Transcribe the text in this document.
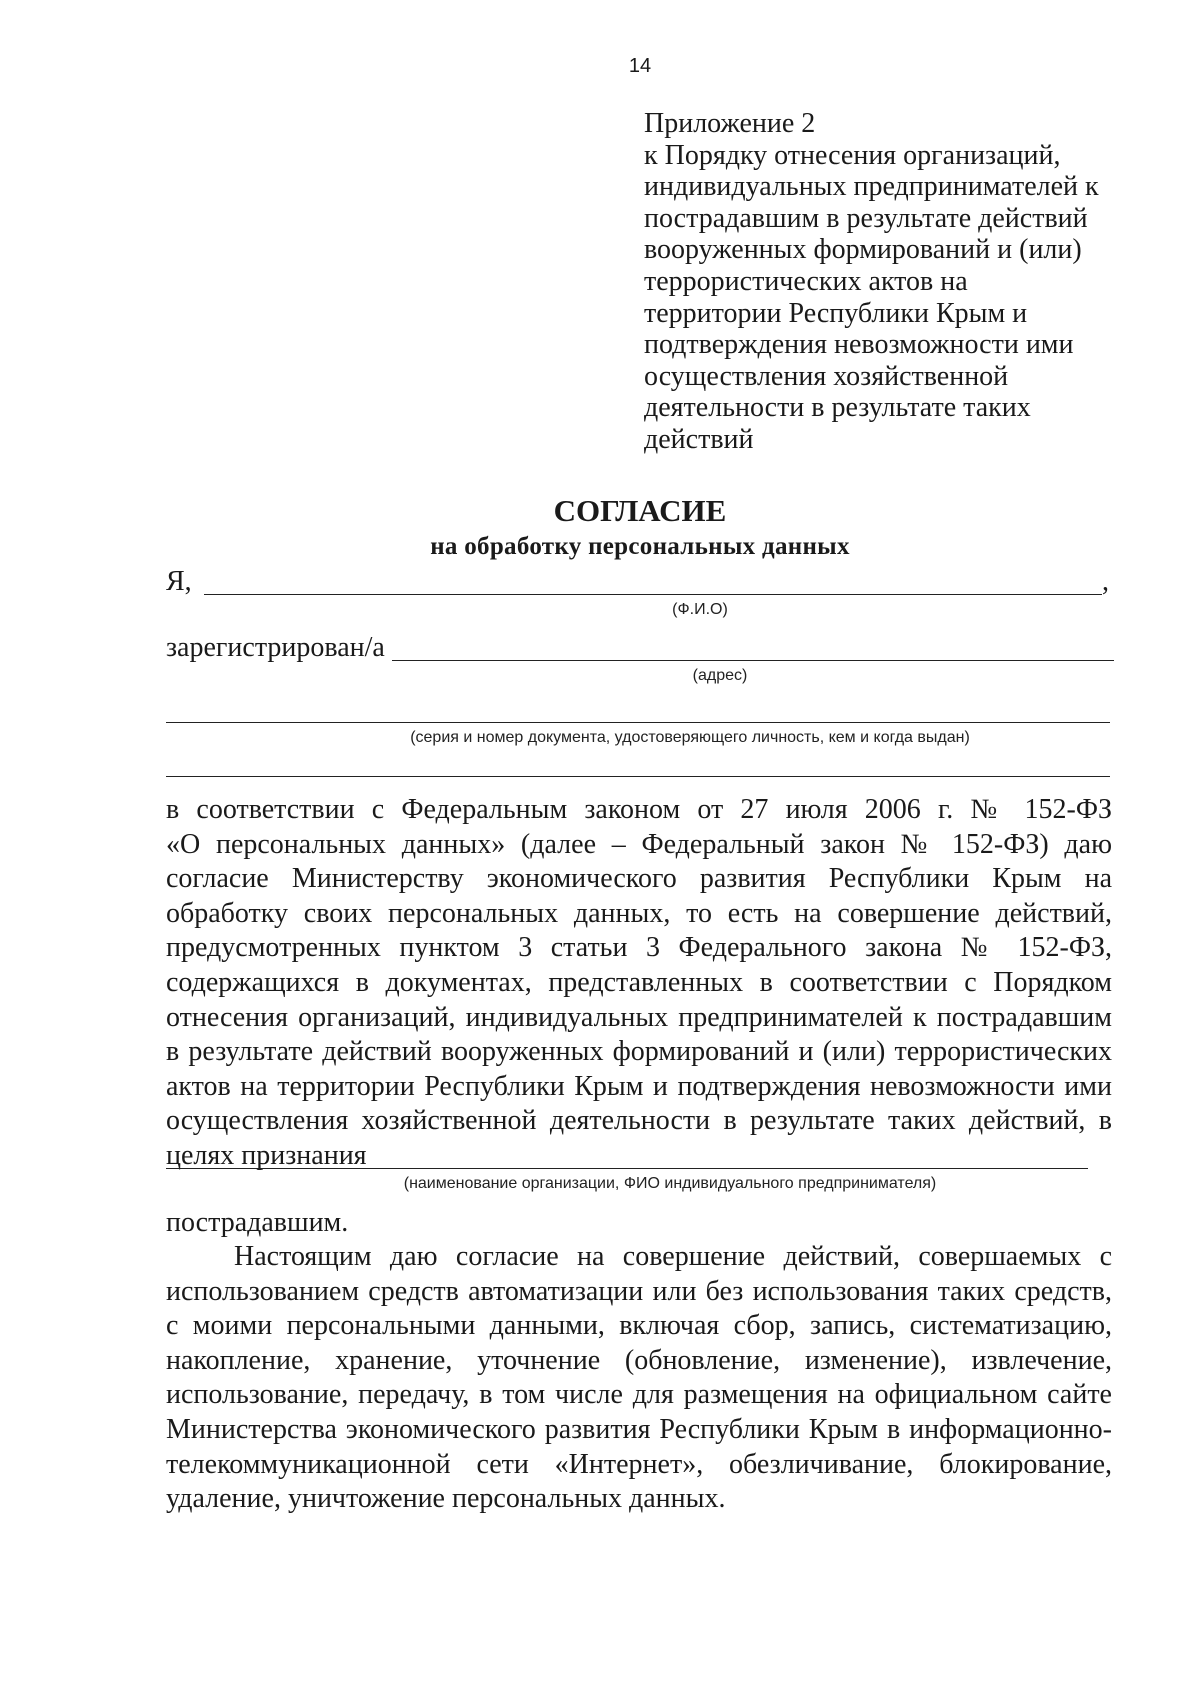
14
Приложение 2
к Порядку отнесения организаций,
индивидуальных предпринимателей к
пострадавшим в результате действий
вооруженных формирований и (или)
террористических актов на
территории Республики Крым и
подтверждения невозможности ими
осуществления хозяйственной
деятельности в результате таких
действий
СОГЛАСИЕ
на обработку персональных данных
Я,	,
(Ф.И.О)
зарегистрирован/а
(адрес)
(серия и номер документа, удостоверяющего личность, кем и когда выдан)
в соответствии с Федеральным законом от 27 июля 2006 г. № 152-ФЗ
«О персональных данных» (далее – Федеральный закон № 152-ФЗ) даю
согласие Министерству экономического развития Республики Крым на
обработку своих персональных данных, то есть на совершение действий,
предусмотренных пунктом 3 статьи 3 Федерального закона № 152-ФЗ,
содержащихся в документах, представленных в соответствии с Порядком
отнесения организаций, индивидуальных предпринимателей к пострадавшим
в результате действий вооруженных формирований и (или) террористических
актов на территории Республики Крым и подтверждения невозможности ими
осуществления хозяйственной деятельности в результате таких действий, в
целях признания
(наименование организации, ФИО индивидуального предпринимателя)
пострадавшим.
Настоящим даю согласие на совершение действий, совершаемых с
использованием средств автоматизации или без использования таких средств,
с моими персональными данными, включая сбор, запись, систематизацию,
накопление, хранение, уточнение (обновление, изменение), извлечение,
использование, передачу, в том числе для размещения на официальном сайте
Министерства экономического развития Республики Крым в информационно-
телекоммуникационной сети «Интернет», обезличивание, блокирование,
удаление, уничтожение персональных данных.
